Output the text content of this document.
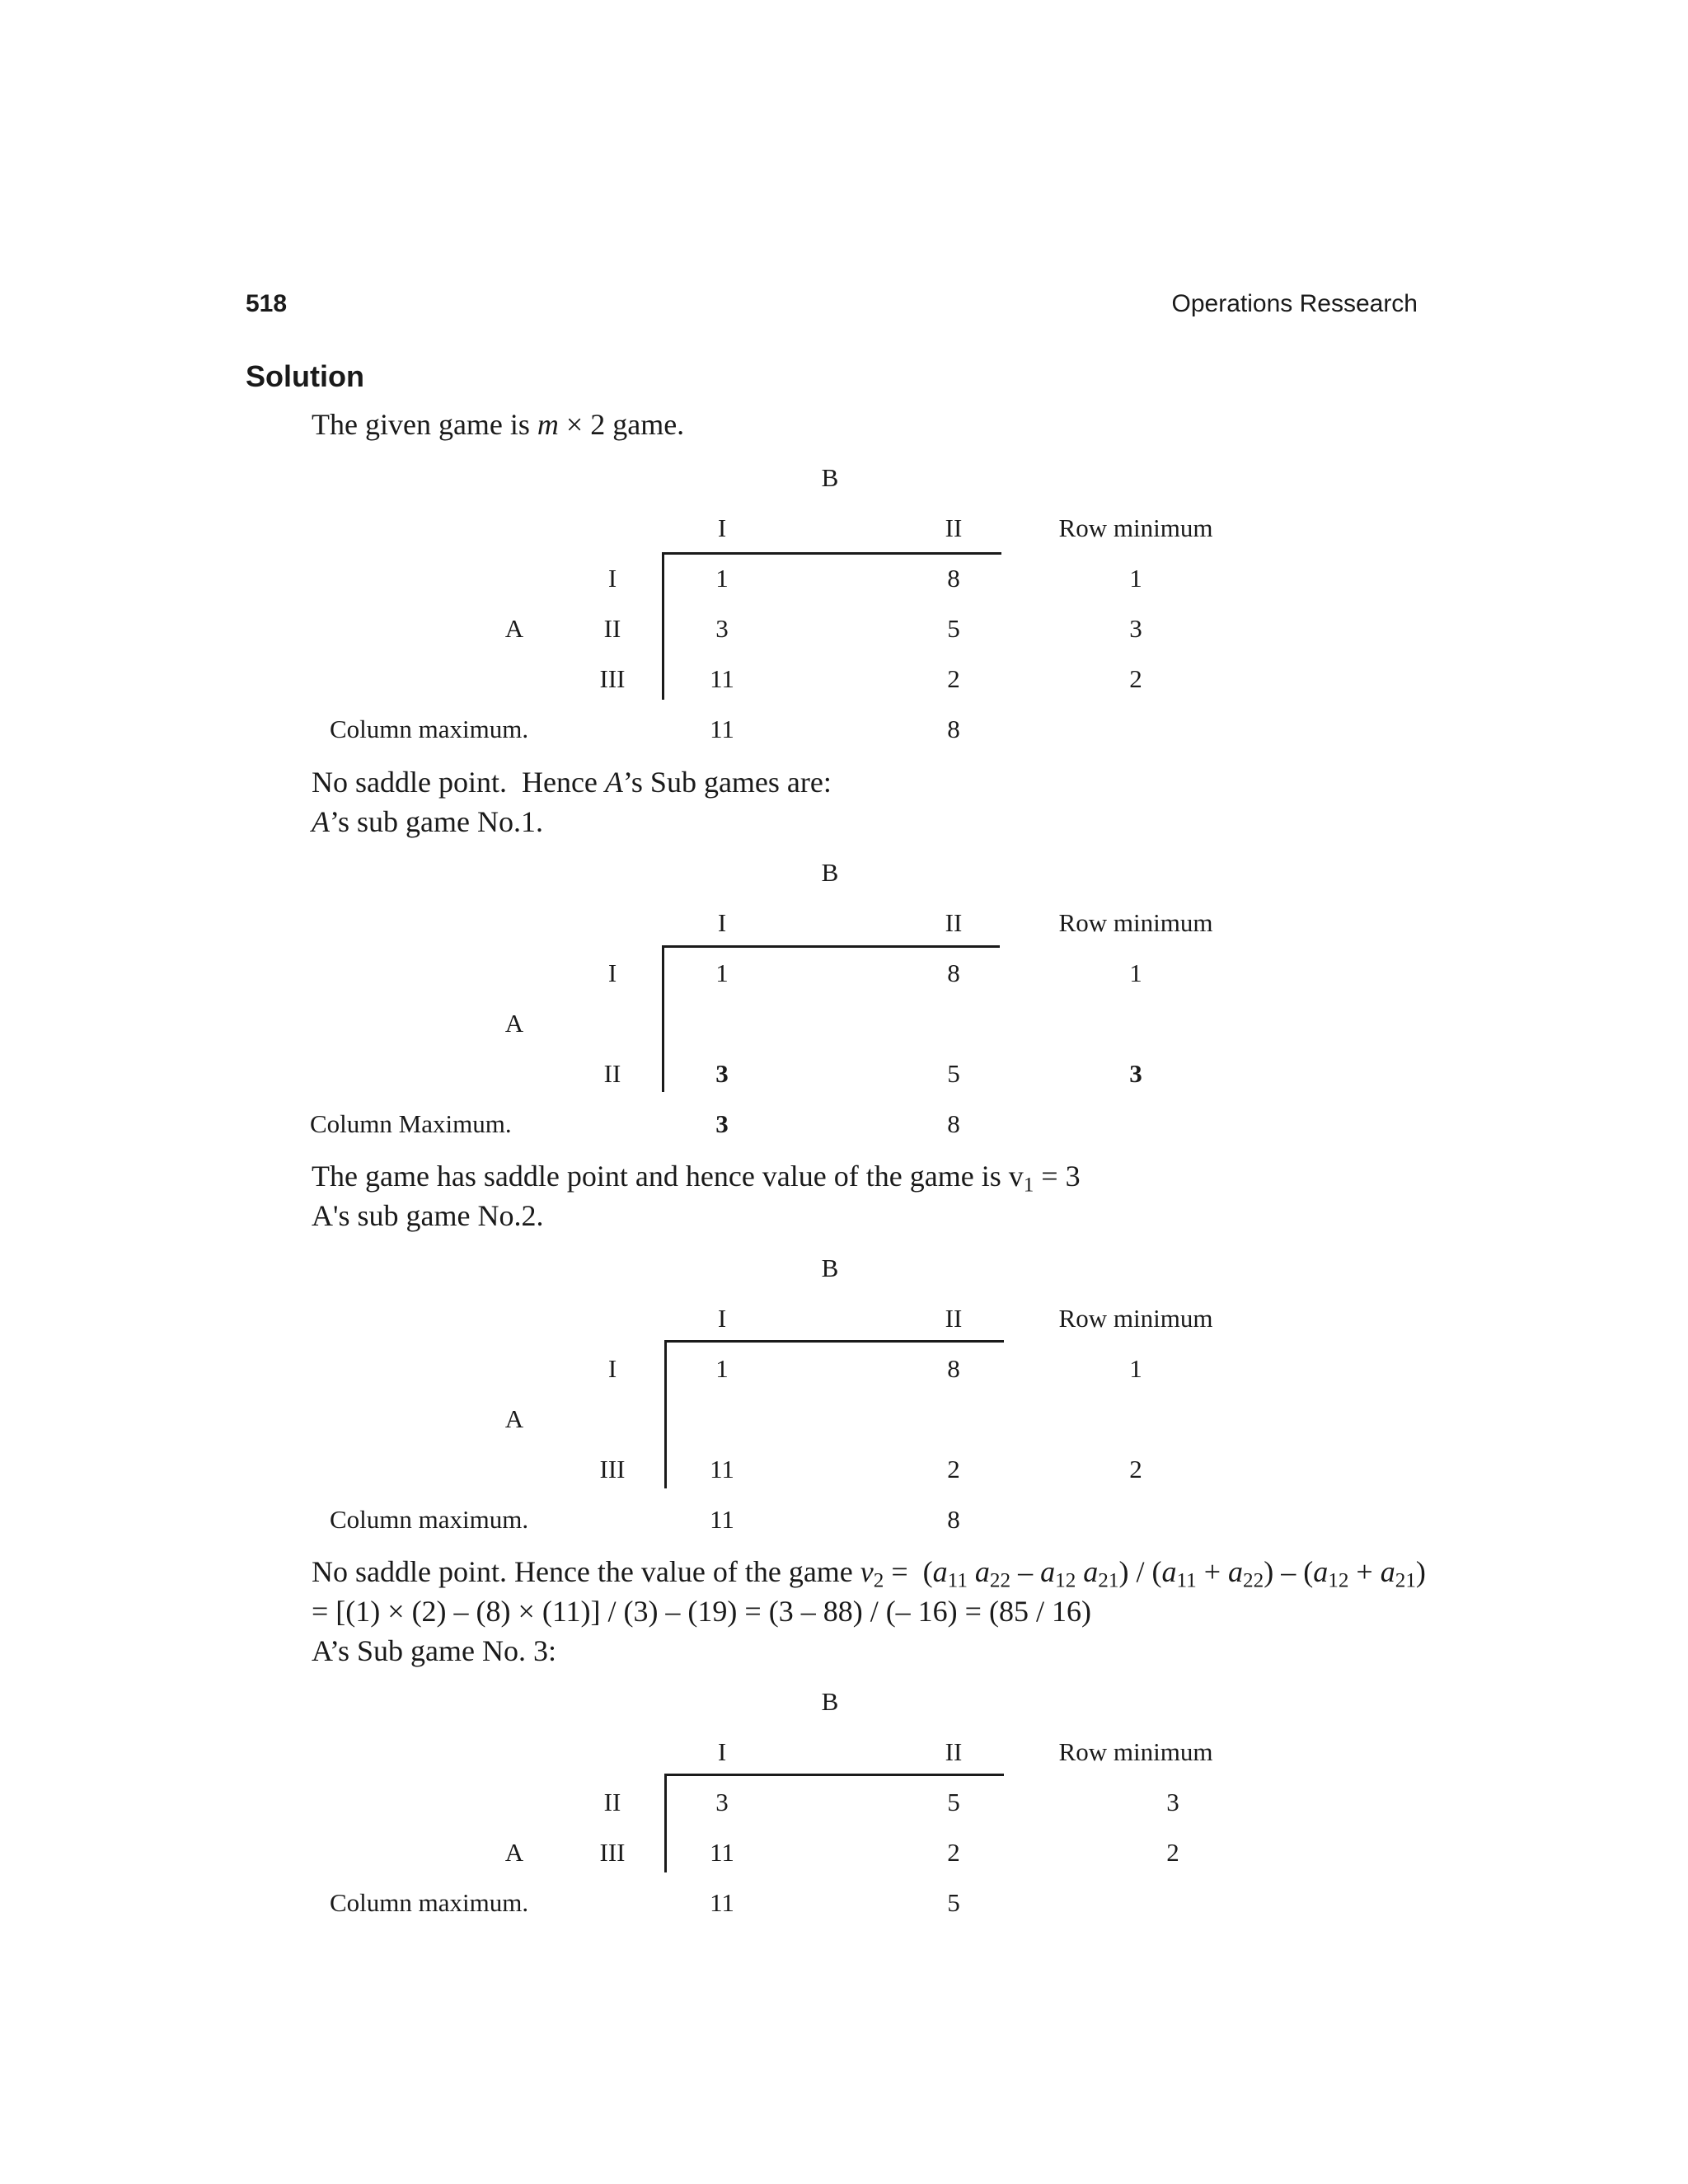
518	Operations Ressearch
Solution
The given game is m × 2 game.
B
I	II	Row minimum
I	1	8	1
A	II	3	5	3
III	11	2	2
Column maximum.	11	8
No saddle point.  Hence A’s Sub games are:
A’s sub game No.1.
B
I	II	Row minimum
I	1	8	1
A
II	3	5	3
Column Maximum.	3	8
The game has saddle point and hence value of the game is $v_1 = 3$
A's sub game No.2.
B
I	II	Row minimum
I	1	8	1
A
III	11	2	2
Column maximum.	11	8
No saddle point. Hence the value of the game $v_2 = (a_{11}$ $a_{22} - a_{12}$ $a_{21}) / (a_{11} + a_{22}) - (a_{12} + a_{21})$
= [(1) × (2) – (8) × (11)] / (3) – (19) = (3 – 88) / (– 16) = (85 / 16)
A’s Sub game No. 3:
B
I	II	Row minimum
II	3	5	3
A	III	11	2	2
Column maximum.	11	5
